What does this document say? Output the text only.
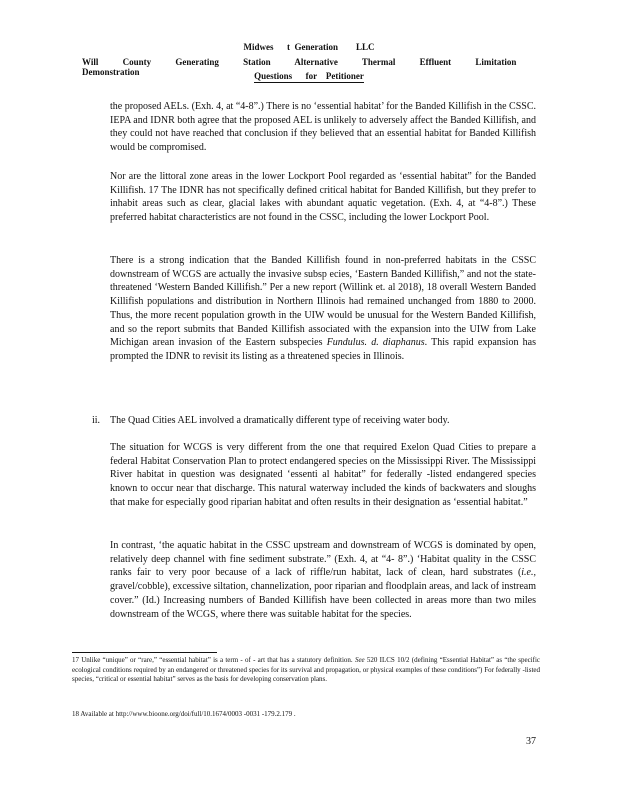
Midwes      t  Generation        LLC
Will County Generating Station Alternative Thermal Effluent Limitation Demonstration	Questions      for    Petitioner

the proposed AELs. (Exh. 4, at “4-8”.) There is no ‘essential habitat’ for the Banded Killifish in the CSSC. IEPA and IDNR both agree that the proposed AEL is unlikely to adversely affect the Banded Killifish, and they could not have reached that conclusion if they believed that an essential habitat for Banded Killifish would be compromised.

Nor are the littoral zone areas in the lower Lockport Pool regarded as ‘essential habitat” for the Banded Killifish. 17 The IDNR has not specifically defined critical habitat for Banded Killifish, but they prefer to inhabit areas such as clear, glacial lakes with abundant aquatic vegetation. (Exh. 4, at “4-8”.) These preferred habitat characteristics are not found in the CSSC, including the lower Lockport Pool.

There is a strong indication that the Banded Killifish found in non-preferred habitats in the CSSC downstream of WCGS are actually the invasive subsp ecies, ‘Eastern Banded Killifish,” and not the state- threatened ‘Western Banded Killifish.” Per a new report (Willink et. al 2018), 18 overall Western Banded Killifish populations and distribution in Northern Illinois had remained unchanged from 1880 to 2000. Thus, the more recent population growth in the UIW would be unusual for the Western Banded Killifish, and so the report submits that Banded Killifish associated with the expansion into the UIW from Lake Michigan arean invasion of the Eastern subspecies Fundulus. d. diaphanus. This rapid expansion has prompted the IDNR to revisit its listing as a threatened species in Illinois.

ii. The Quad Cities AEL involved a dramatically different type of receiving water body.

The situation for WCGS is very different from the one that required Exelon Quad Cities to prepare a federal Habitat Conservation Plan to protect endangered species on the Mississippi River. The Mississippi River habitat in question was designated ‘essenti al habitat” for federally -listed endangered species known to occur near that discharge. This natural waterway included the kinds of backwaters and sloughs that make for especially good riparian habitat and often results in their designation as ‘essential habitat.”

In contrast, ‘the aquatic habitat in the CSSC upstream and downstream of WCGS is dominated by open, relatively deep channel with fine sediment substrate.” (Exh. 4, at “4- 8”.) ‘Habitat quality in the CSSC ranks fair to very poor because of a lack of riffle/run habitat, lack of clean, hard substrates (i.e., gravel/cobble), excessive siltation, channelization, poor riparian and floodplain areas, and lack of instream cover.” (Id.) Increasing numbers of Banded Killifish have been collected in areas more than two miles downstream of the WCGS, where there was suitable habitat for the species.

17 Unlike “unique” or “rare,” “essential habitat” is a term - of - art that has a statutory definition. See 520 ILCS 10/2 (defining “Essential Habitat” as “the specific ecological conditions required by an endangered or threatened species for its survival and propagation, or physical examples of these conditions”) For federally -listed species, “critical or essential habitat” serves as the basis for developing conservation plans.

18 Available at http://www.bioone.org/doi/full/10.1674/0003 -0031 -179.2.179 .

37
